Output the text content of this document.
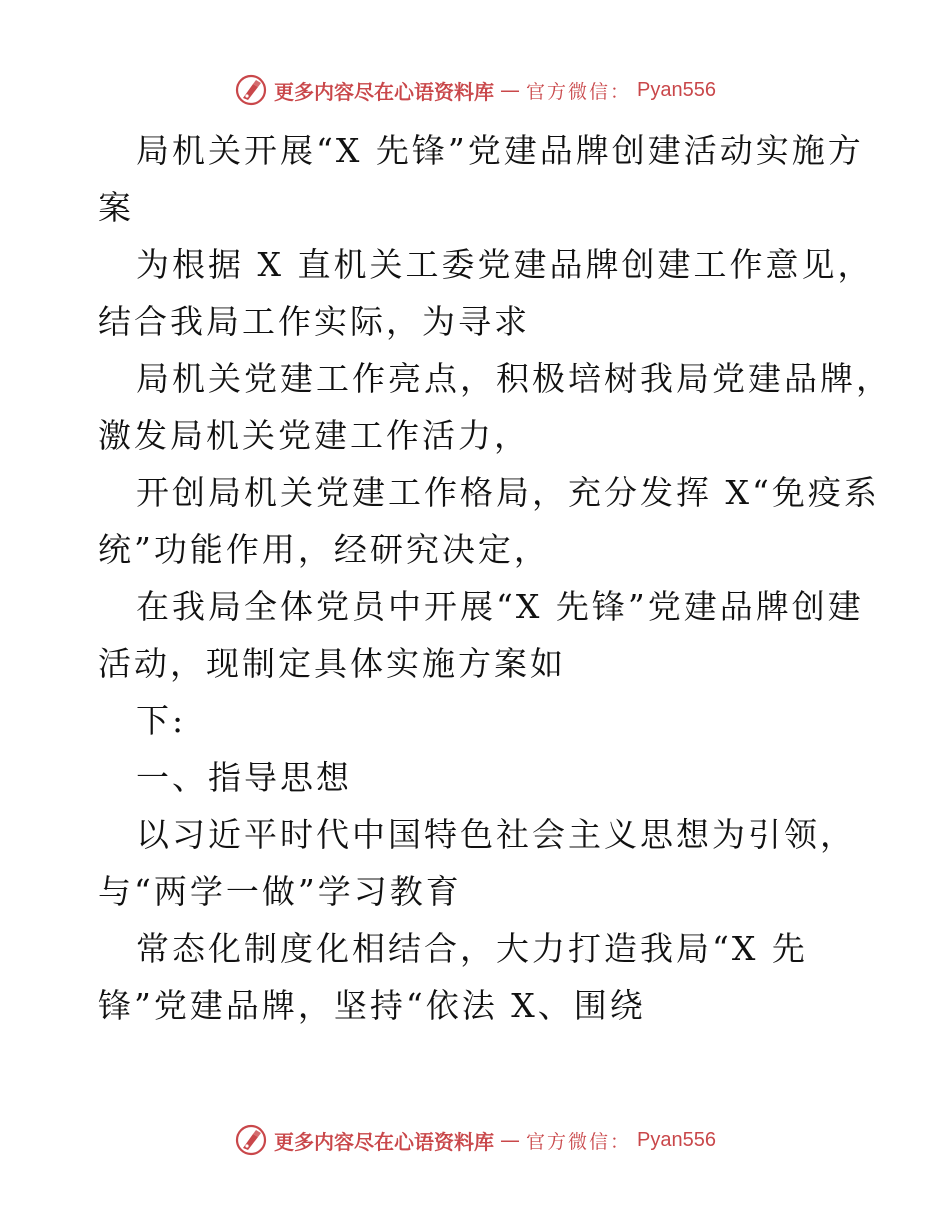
更多内容尽在心语资料库 — 官方微信： Pyan556
局机关开展“X 先锋”党建品牌创建活动实施方
案
为根据 X 直机关工委党建品牌创建工作意见，
结合我局工作实际，为寻求
局机关党建工作亮点，积极培树我局党建品牌，
激发局机关党建工作活力，
开创局机关党建工作格局，充分发挥 X“免疫系
统”功能作用，经研究决定，
在我局全体党员中开展“X 先锋”党建品牌创建
活动，现制定具体实施方案如
下:
一、指导思想
以习近平时代中国特色社会主义思想为引领，
与“两学一做”学习教育
常态化制度化相结合，大力打造我局“X 先
锋”党建品牌，坚持“依法 X、围绕
更多内容尽在心语资料库 — 官方微信： Pyan556
